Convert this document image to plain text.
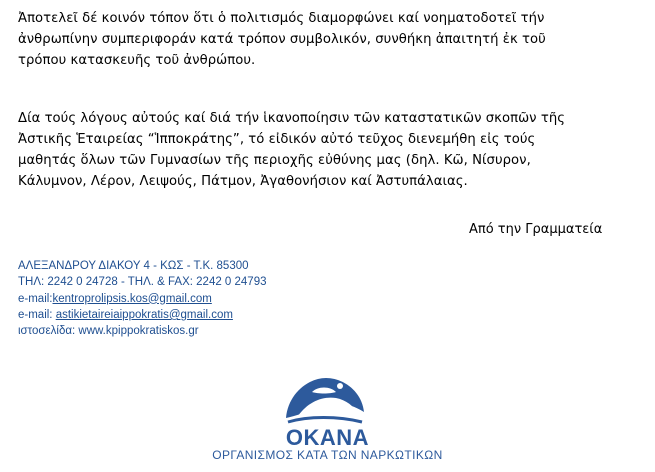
Ἀποτελεῖ δέ κοινόν τόπον ὅτι ὁ πολιτισμός διαμορφώνει καί νοηματοδοτεῖ τήν
ἀνθρωπίνην συμπεριφοράν κατά τρόπον συμβολικόν, συνθήκη ἀπαιτητή ἐκ τοῦ
τρόπου κατασκευῆς τοῦ ἀνθρώπου.
Δία τούς λόγους αὐτούς καί διά τήν ἱκανοποίησιν τῶν καταστατικῶν σκοπῶν τῆς
Ἀστικῆς Ἑταιρείας “Ἱπποκράτης”, τό εἰδικόν αὐτό τεῦχος διενεμήθη εἰς τούς
μαθητάς ὅλων τῶν Γυμνασίων τῆς περιοχῆς εὐθύνης μας (δηλ. Κῶ, Νίσυρον,
Κάλυμνον, Λέρον, Λειψούς, Πάτμον, Ἀγαθονήσιον καί Ἀστυπάλαιας.
Από την Γραμματεία
ΑΛΕΞΑΝΔΡΟΥ ΔΙΑΚΟΥ 4 - ΚΩΣ - Τ.Κ. 85300
ΤΗΛ: 2242 0 24728 - ΤΗΛ. & FAX: 2242 0 24793
e-mail:kentroprolipsis.kos@gmail.com
e-mail: astikietaireiaippokratis@gmail.com
ιστοσελίδα: www.kpippokratiskos.gr
ΟΚΑΝΑ
ΟΡΓΑΝΙΣΜΟΣ ΚΑΤΑ ΤΩΝ ΝΑΡΚΩΤΙΚΩΝ
